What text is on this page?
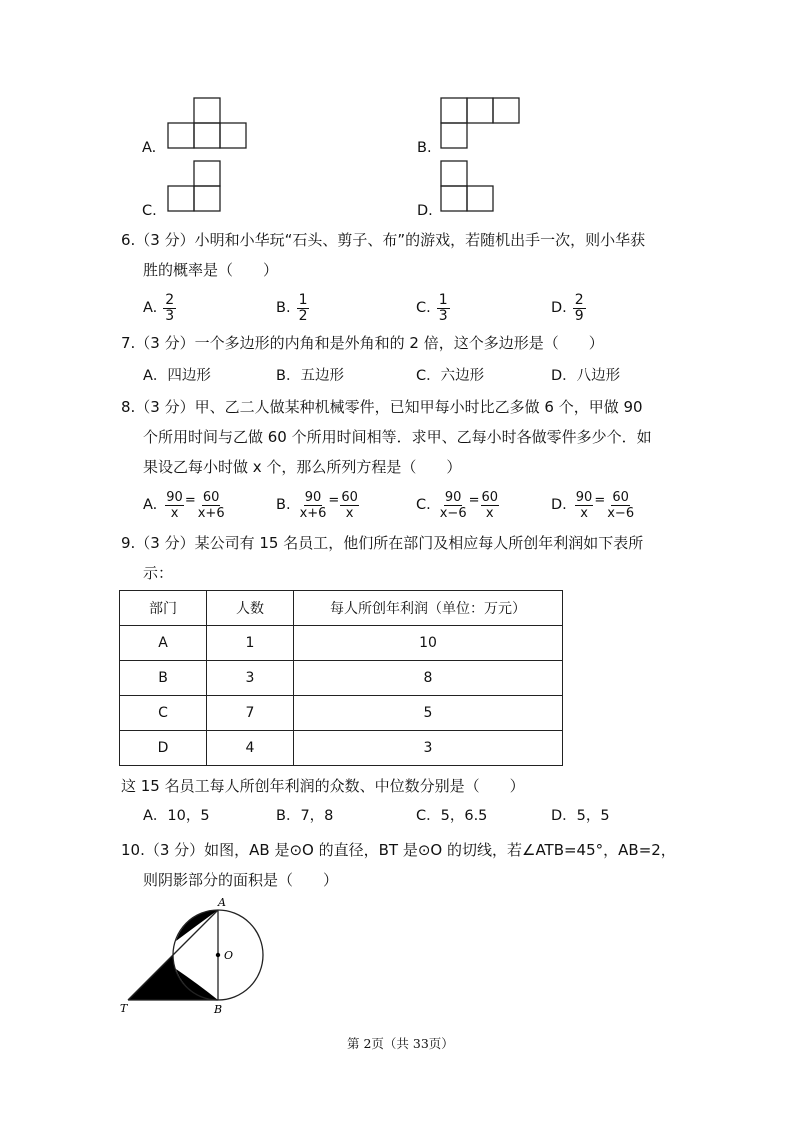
A.	B.
C.	D.
6.（3 分）小明和小华玩“石头、剪子、布”的游戏，若随机出手一次，则小华获
胜的概率是（　　）
A. $\frac{2}{3}$	B. $\frac{1}{2}$	C. $\frac{1}{3}$	D. $\frac{2}{9}$
7.（3 分）一个多边形的内角和是外角和的 2 倍，这个多边形是（　　）
A．四边形	B．五边形	C．六边形	D．八边形
8.（3 分）甲、乙二人做某种机械零件，已知甲每小时比乙多做 6 个，甲做 90
个所用时间与乙做 60 个所用时间相等．求甲、乙每小时各做零件多少个．如
果设乙每小时做 x 个，那么所列方程是（　　）
A. $\frac{90}{x} = \frac{60}{x+6}$	B. $\frac{90}{x+6} = \frac{60}{x}$	C. $\frac{90}{x-6} = \frac{60}{x}$	D. $\frac{90}{x} = \frac{60}{x-6}$
9.（3 分）某公司有 15 名员工，他们所在部门及相应每人所创年利润如下表所
示：
部门	人数	每人所创年利润（单位：万元）
A	1	10
B	3	8
C	7	5
D	4	3
这 15 名员工每人所创年利润的众数、中位数分别是（　　）
A．10，5	B．7，8	C．5，6.5	D．5，5
10.（3 分）如图，AB 是⊙O 的直径，BT 是⊙O 的切线，若∠ATB=45°，AB=2，
则阴影部分的面积是（　　）
A
O
T	B
第 2页（共 33页）
